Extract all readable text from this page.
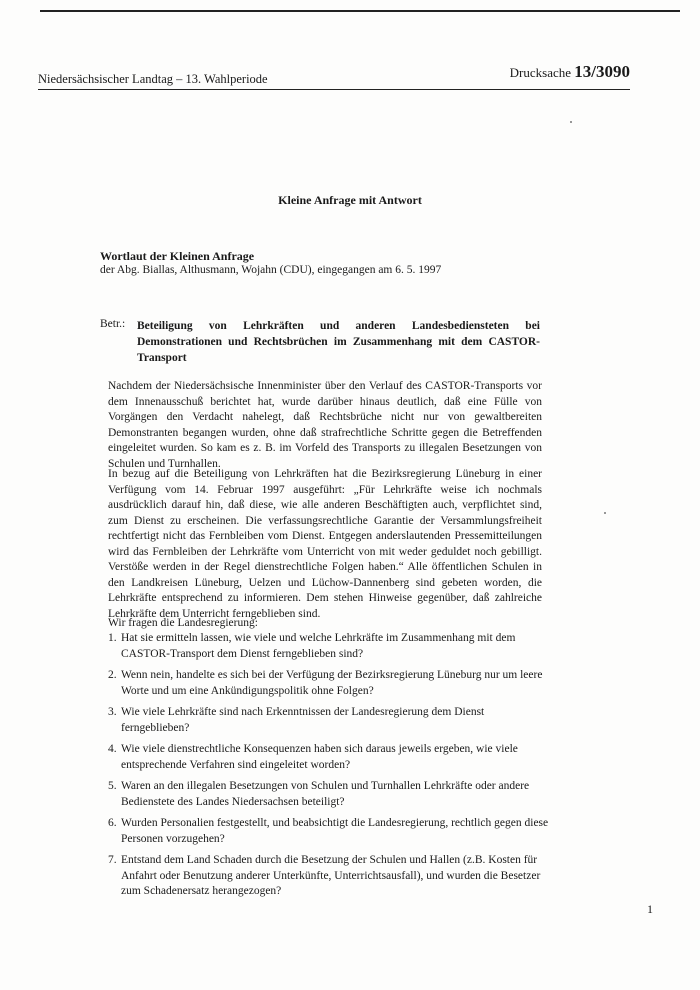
Niedersächsischer Landtag – 13. Wahlperiode	Drucksache 13/3090
Kleine Anfrage mit Antwort
Wortlaut der Kleinen Anfrage
der Abg. Biallas, Althusmann, Wojahn (CDU), eingegangen am 6. 5. 1997
Betr.:	Beteiligung von Lehrkräften und anderen Landesbediensteten bei Demonstrationen und Rechtsbrüchen im Zusammenhang mit dem CASTOR-Transport
Nachdem der Niedersächsische Innenminister über den Verlauf des CASTOR-Transports vor dem Innenausschuß berichtet hat, wurde darüber hinaus deutlich, daß eine Fülle von Vorgängen den Verdacht nahelegt, daß Rechtsbrüche nicht nur von gewaltbereiten Demonstranten begangen wurden, ohne daß strafrechtliche Schritte gegen die Betreffenden eingeleitet wurden. So kam es z. B. im Vorfeld des Transports zu illegalen Besetzungen von Schulen und Turnhallen.
In bezug auf die Beteiligung von Lehrkräften hat die Bezirksregierung Lüneburg in einer Verfügung vom 14. Februar 1997 ausgeführt: „Für Lehrkräfte weise ich nochmals ausdrücklich darauf hin, daß diese, wie alle anderen Beschäftigten auch, verpflichtet sind, zum Dienst zu erscheinen. Die verfassungsrechtliche Garantie der Versammlungsfreiheit rechtfertigt nicht das Fernbleiben vom Dienst. Entgegen anderslautenden Pressemitteilungen wird das Fernbleiben der Lehrkräfte vom Unterricht von mit weder geduldet noch gebilligt. Verstöße werden in der Regel dienstrechtliche Folgen haben.“ Alle öffentlichen Schulen in den Landkreisen Lüneburg, Uelzen und Lüchow-Dannenberg sind gebeten worden, die Lehrkräfte entsprechend zu informieren. Dem stehen Hinweise gegenüber, daß zahlreiche Lehrkräfte dem Unterricht ferngeblieben sind.
Wir fragen die Landesregierung:
1. Hat sie ermitteln lassen, wie viele und welche Lehrkräfte im Zusammenhang mit dem CASTOR-Transport dem Dienst ferngeblieben sind?
2. Wenn nein, handelte es sich bei der Verfügung der Bezirksregierung Lüneburg nur um leere Worte und um eine Ankündigungspolitik ohne Folgen?
3. Wie viele Lehrkräfte sind nach Erkenntnissen der Landesregierung dem Dienst ferngeblieben?
4. Wie viele dienstrechtliche Konsequenzen haben sich daraus jeweils ergeben, wie viele entsprechende Verfahren sind eingeleitet worden?
5. Waren an den illegalen Besetzungen von Schulen und Turnhallen Lehrkräfte oder andere Bedienstete des Landes Niedersachsen beteiligt?
6. Wurden Personalien festgestellt, und beabsichtigt die Landesregierung, rechtlich gegen diese Personen vorzugehen?
7. Entstand dem Land Schaden durch die Besetzung der Schulen und Hallen (z.B. Kosten für Anfahrt oder Benutzung anderer Unterkünfte, Unterrichtsausfall), und wurden die Besetzer zum Schadenersatz herangezogen?
1
